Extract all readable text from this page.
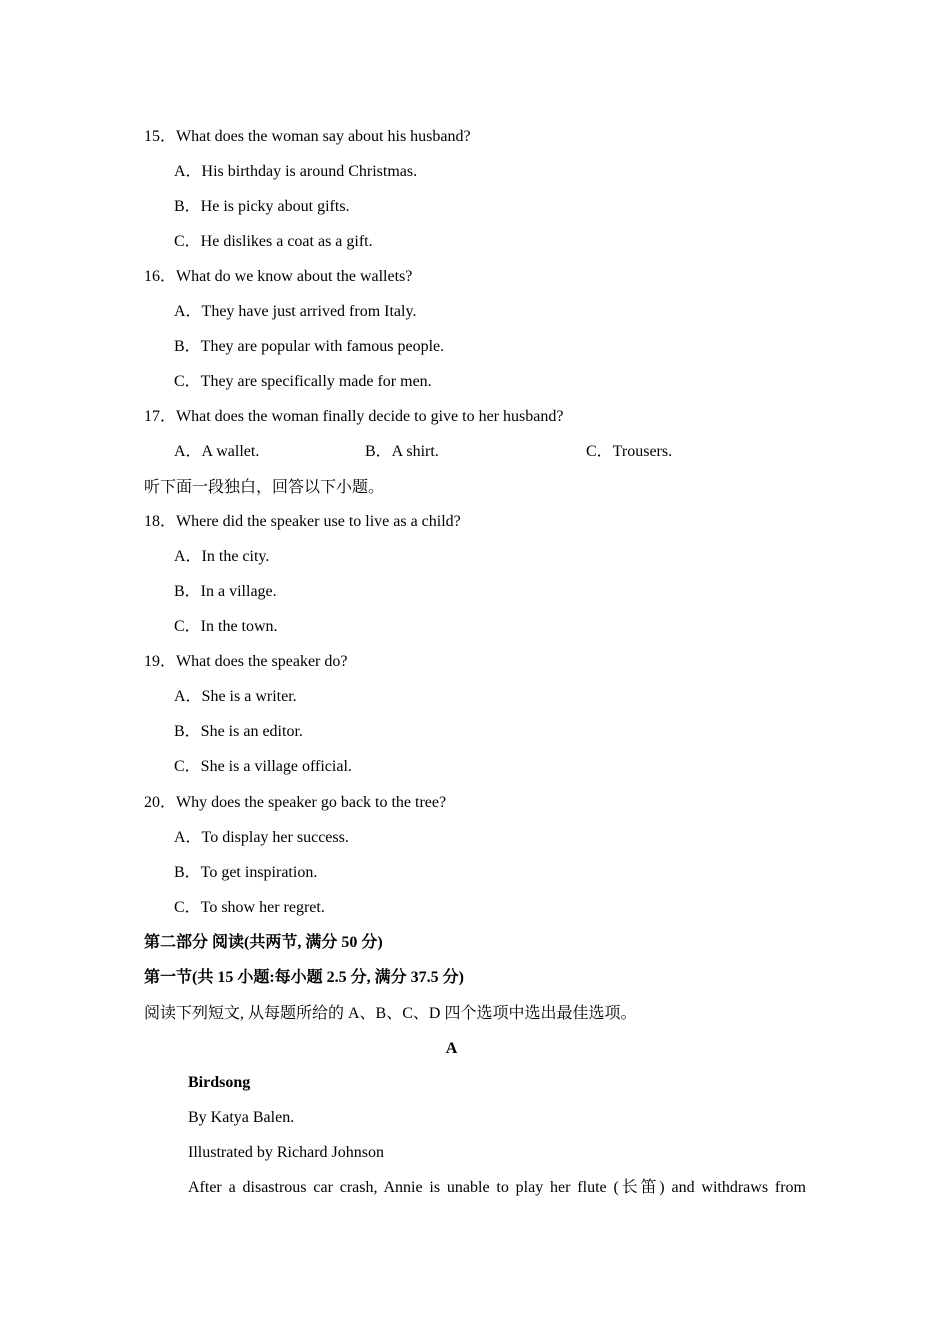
15．What does the woman say about his husband?
A．His birthday is around Christmas.
B．He is picky about gifts.
C．He dislikes a coat as a gift.
16．What do we know about the wallets?
A．They have just arrived from Italy.
B．They are popular with famous people.
C．They are specifically made for men.
17．What does the woman finally decide to give to her husband?
A．A wallet.	B．A shirt.	C．Trousers.
听下面一段独白，回答以下小题。
18．Where did the speaker use to live as a child?
A．In the city.
B．In a village.
C．In the town.
19．What does the speaker do?
A．She is a writer.
B．She is an editor.
C．She is a village official.
20．Why does the speaker go back to the tree?
A．To display her success.
B．To get inspiration.
C．To show her regret.
第二部分 阅读(共两节, 满分 50 分)
第一节(共 15 小题:每小题 2.5 分, 满分 37.5 分)
阅读下列短文, 从每题所给的 A、B、C、D 四个选项中选出最佳选项。
A
Birdsong
By Katya Balen.
Illustrated by Richard Johnson
After a disastrous car crash, Annie is unable to play her flute (长笛) and withdraws from
